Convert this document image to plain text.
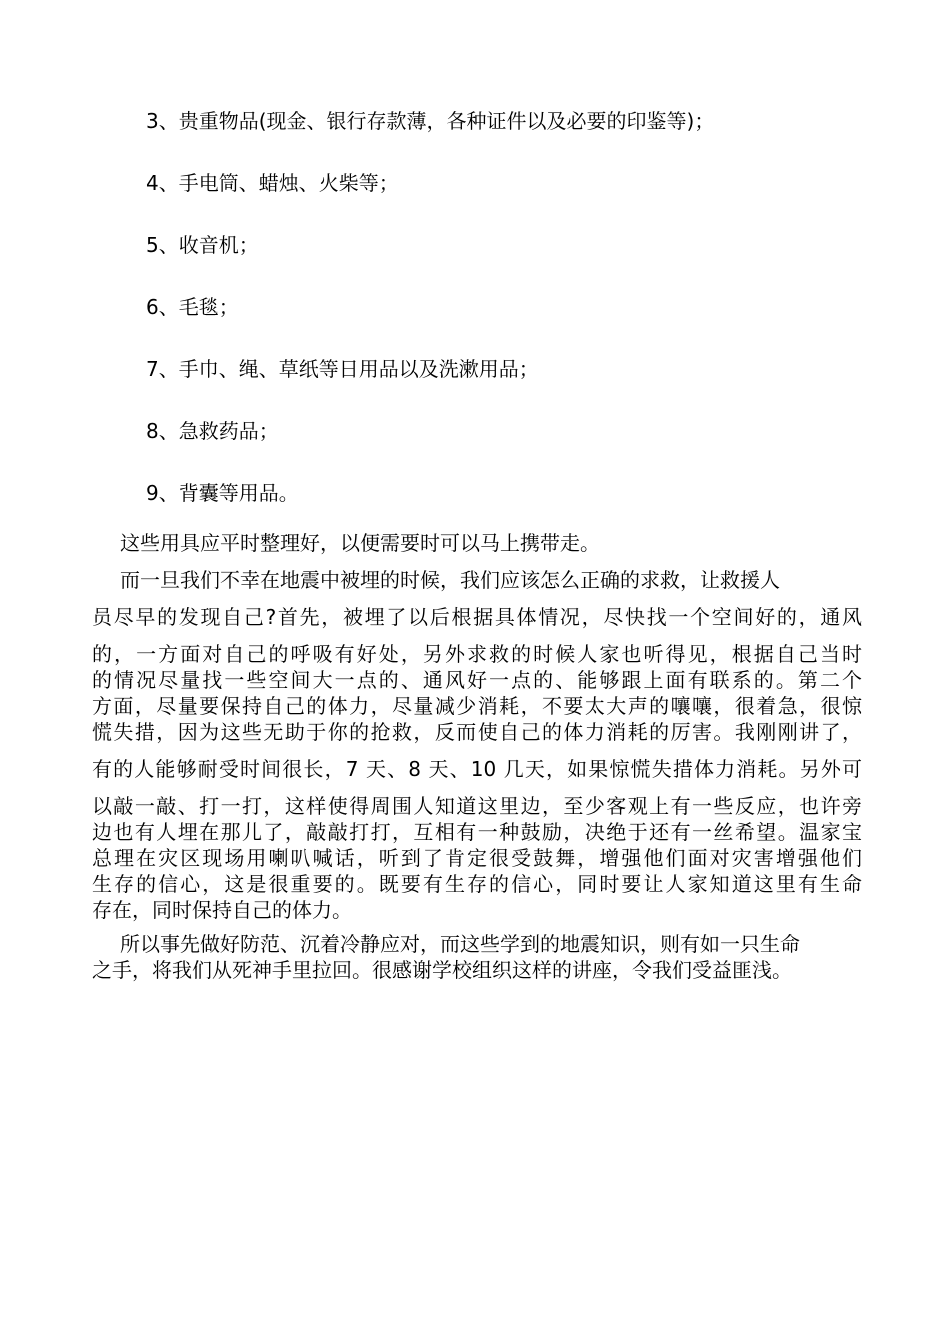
3、贵重物品(现金、银行存款薄，各种证件以及必要的印鉴等)；
4、手电筒、蜡烛、火柴等；
5、收音机；
6、毛毯；
7、手巾、绳、草纸等日用品以及洗漱用品；
8、急救药品；
9、背囊等用品。
这些用具应平时整理好，以便需要时可以马上携带走。
而一旦我们不幸在地震中被埋的时候，我们应该怎么正确的求救，让救援人
员尽早的发现自己?首先，被埋了以后根据具体情况，尽快找一个空间好的，通风
的，一方面对自己的呼吸有好处，另外求救的时候人家也听得见，根据自己当时
的情况尽量找一些空间大一点的、通风好一点的、能够跟上面有联系的。第二个
方面，尽量要保持自己的体力，尽量减少消耗，不要太大声的嚷嚷，很着急，很惊
慌失措，因为这些无助于你的抢救，反而使自己的体力消耗的厉害。我刚刚讲了，
有的人能够耐受时间很长，7 天、8 天、10 几天，如果惊慌失措体力消耗。另外可
以敲一敲、打一打，这样使得周围人知道这里边，至少客观上有一些反应，也许旁
边也有人埋在那儿了，敲敲打打，互相有一种鼓励，决绝于还有一丝希望。温家宝
总理在灾区现场用喇叭喊话，听到了肯定很受鼓舞，增强他们面对灾害增强他们
生存的信心，这是很重要的。既要有生存的信心，同时要让人家知道这里有生命
存在，同时保持自己的体力。
所以事先做好防范、沉着冷静应对，而这些学到的地震知识，则有如一只生命
之手，将我们从死神手里拉回。很感谢学校组织这样的讲座，令我们受益匪浅。
